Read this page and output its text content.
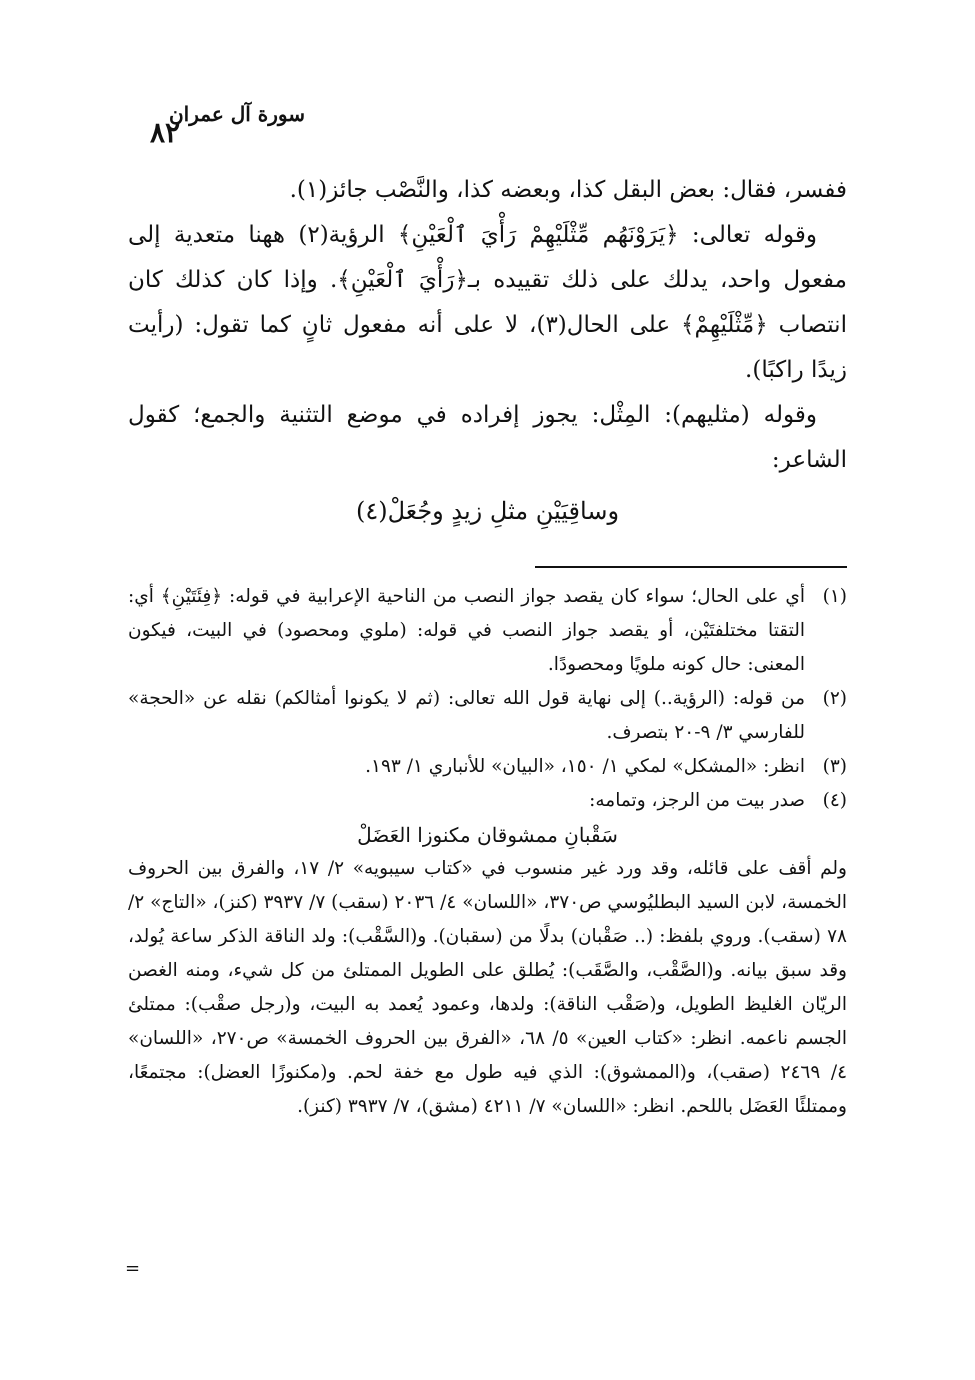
سورة آل عمران
٨٢

ففسر، فقال: بعض البقل كذا، وبعضه كذا، والنَّصْب جائز(١).

وقوله تعالى: ﴿يَرَوْنَهُم مِّثْلَيْهِمْ رَأْيَ ٱلْعَيْنِ﴾ الرؤية(٢) ههنا متعدية إلى مفعول واحد، يدلك على ذلك تقييده بـ﴿رَأْيَ ٱلْعَيْنِ﴾. وإذا كان كذلك كان انتصاب ﴿مِّثْلَيْهِمْ﴾ على الحال(٣)، لا على أنه مفعول ثانٍ كما تقول: (رأيت زيدًا راكبًا).

وقوله (مثليهم): المِثْل: يجوز إفراده في موضع التثنية والجمع؛ كقول الشاعر:

وساقِيَيْنِ مثلِ زيدٍ وجُعَلْ(٤)

(١)
أي على الحال؛ سواء كان يقصد جواز النصب من الناحية الإعرابية في قوله: ﴿فِئَتَيْنِ﴾ أي: التقتا مختلفتَيْن، أو يقصد جواز النصب في قوله: (ملوي ومحصود) في البيت، فيكون المعنى: حال كونه ملويًا ومحصودًا.
(٢)
من قوله: (الرؤية..) إلى نهاية قول الله تعالى: (ثم لا يكونوا أمثالكم) نقله عن «الحجة» للفارسي ٣/ ٩-٢٠ بتصرف.
(٣)
انظر: «المشكل» لمكي ١/ ١٥٠، «البيان» للأنباري ١/ ١٩٣.
(٤)
صدر بيت من الرجز، وتمامه:
سَقْبانِ ممشوقان مكنوزا العَضَلْ
ولم أقف على قائله، وقد ورد غير منسوب في «كتاب سيبويه» ٢/ ١٧، والفرق بين الحروف الخمسة، لابن السيد البطليُوسي ص٣٧٠، «اللسان» ٤/ ٢٠٣٦ (سقب) ٧/ ٣٩٣٧ (كنز)، «التاج» ٢/ ٧٨ (سقب). وروي بلفظ: (.. صَقْبان) بدلًا من (سقبان). و(السَّقْب): ولد الناقة الذكر ساعة يُولد، وقد سبق بيانه. و(الصَّقْب، والصَّقَب): يُطلق على الطويل الممتلئ من كل شيء، ومنه الغصن الريّان الغليظ الطويل، و(صَقْب الناقة): ولدها، وعمود يُعمد به البيت، و(رجل صقْب): ممتلئ الجسم ناعمه. انظر: «كتاب العين» ٥/ ٦٨، «الفرق بين الحروف الخمسة» ص٢٧٠، «اللسان» ٤/ ٢٤٦٩ (صقب)، و(الممشوق): الذي فيه طول مع خفة لحم. و(مكنوزًا العضل): مجتمعًا، وممتلئًا العَضَل باللحم. انظر: «اللسان» ٧/ ٤٢١١ (مشق)، ٧/ ٣٩٣٧ (كنز).
=
